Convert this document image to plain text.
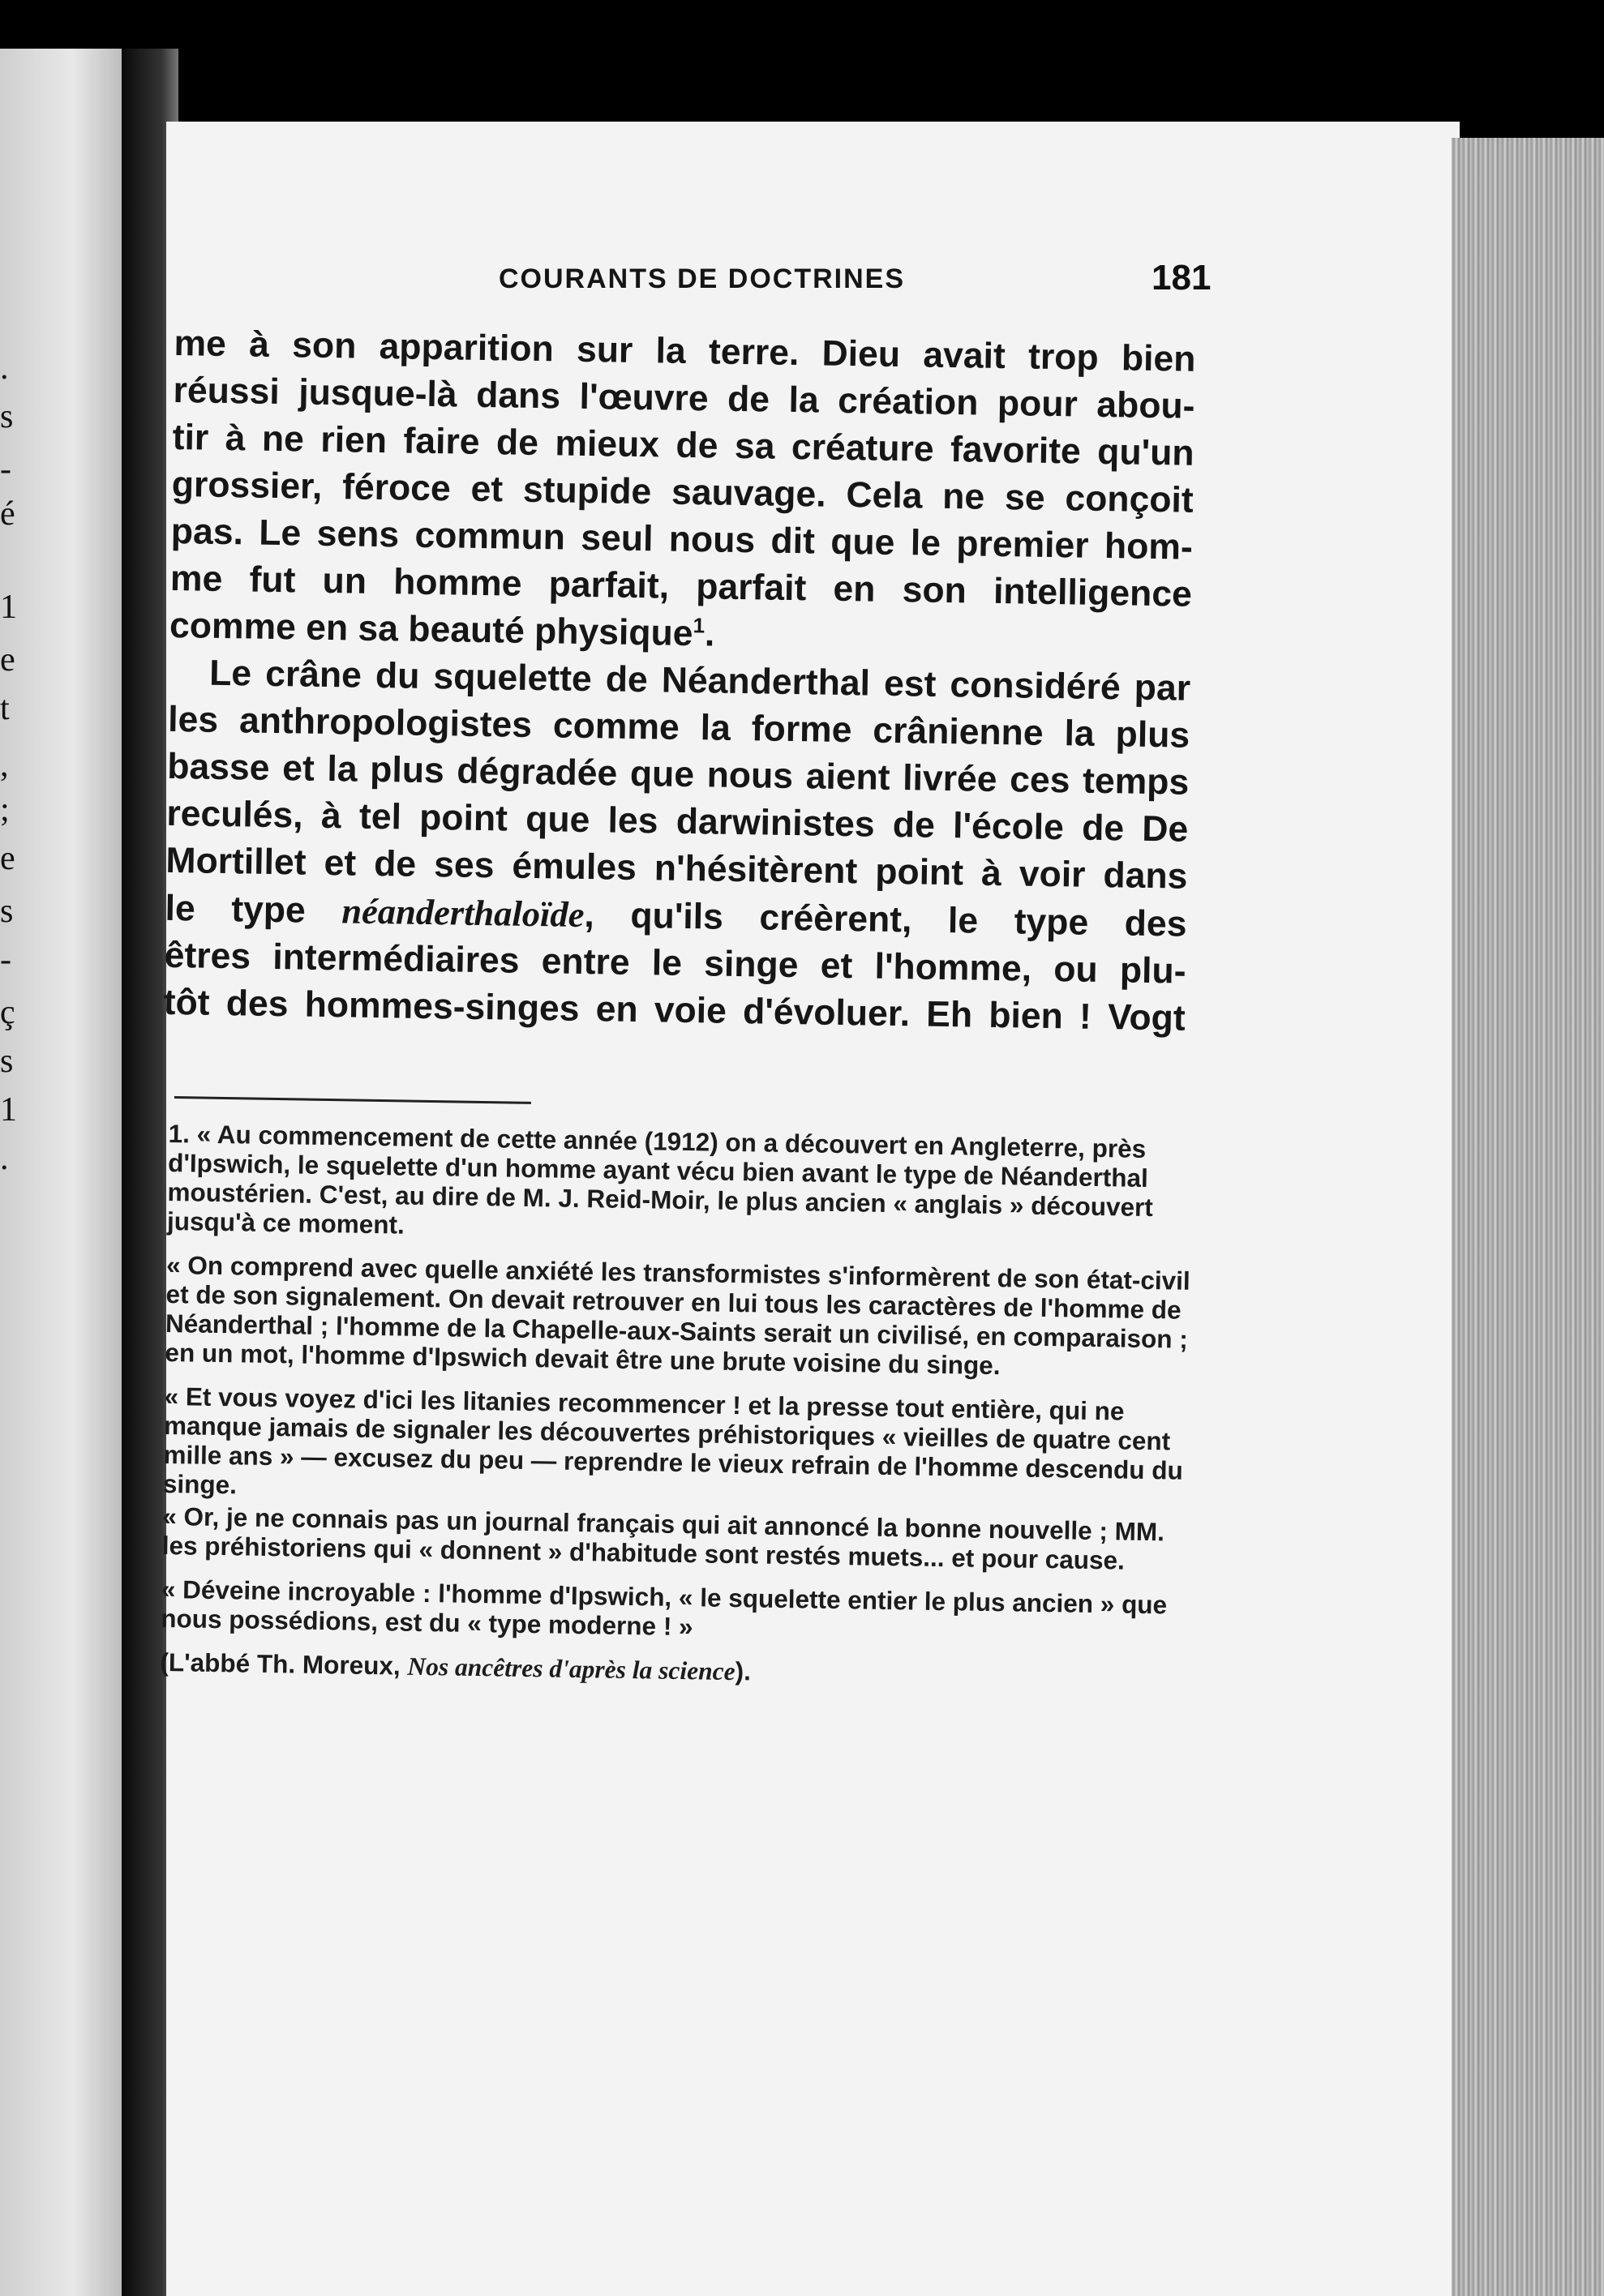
.
s
-
é
1
e
t
,
;
e
s
-
ç
s
1
.
COURANTS DE DOCTRINES	181
me à son apparition sur la terre. Dieu avait trop bien
réussi jusque-là dans l'œuvre de la création pour abou-
tir à ne rien faire de mieux de sa créature favorite qu'un
grossier, féroce et stupide sauvage. Cela ne se conçoit
pas. Le sens commun seul nous dit que le premier hom-
me fut un homme parfait, parfait en son intelligence
comme en sa beauté physique$^1$.
Le crâne du squelette de Néanderthal est considéré par
les anthropologistes comme la forme crânienne la plus
basse et la plus dégradée que nous aient livrée ces temps
reculés, à tel point que les darwinistes de l'école de De
Mortillet et de ses émules n'hésitèrent point à voir dans
le type néanderthaloïde, qu'ils créèrent, le type des
êtres intermédiaires entre le singe et l'homme, ou plu-
tôt des hommes-singes en voie d'évoluer. Eh bien ! Vogt
1. « Au commencement de cette année (1912) on a découvert en Angleterre, près d'Ipswich, le squelette d'un homme ayant vécu bien avant le type de Néanderthal moustérien. C'est, au dire de M. J. Reid-Moir, le plus ancien « anglais » découvert jusqu'à ce moment.
« On comprend avec quelle anxiété les transformistes s'informèrent de son état-civil et de son signalement. On devait retrouver en lui tous les caractères de l'homme de Néanderthal ; l'homme de la Chapelle-aux-Saints serait un civilisé, en comparaison ; en un mot, l'homme d'Ipswich devait être une brute voisine du singe.
« Et vous voyez d'ici les litanies recommencer ! et la presse tout entière, qui ne manque jamais de signaler les découvertes préhistoriques « vieilles de quatre cent mille ans » — excusez du peu — reprendre le vieux refrain de l'homme descendu du singe.
« Or, je ne connais pas un journal français qui ait annoncé la bonne nouvelle ; MM. les préhistoriens qui « donnent » d'habitude sont restés muets... et pour cause.
« Déveine incroyable : l'homme d'Ipswich, « le squelette entier le plus ancien » que nous possédions, est du « type moderne ! »
(L'abbé Th. Moreux, Nos ancêtres d'après la science).
